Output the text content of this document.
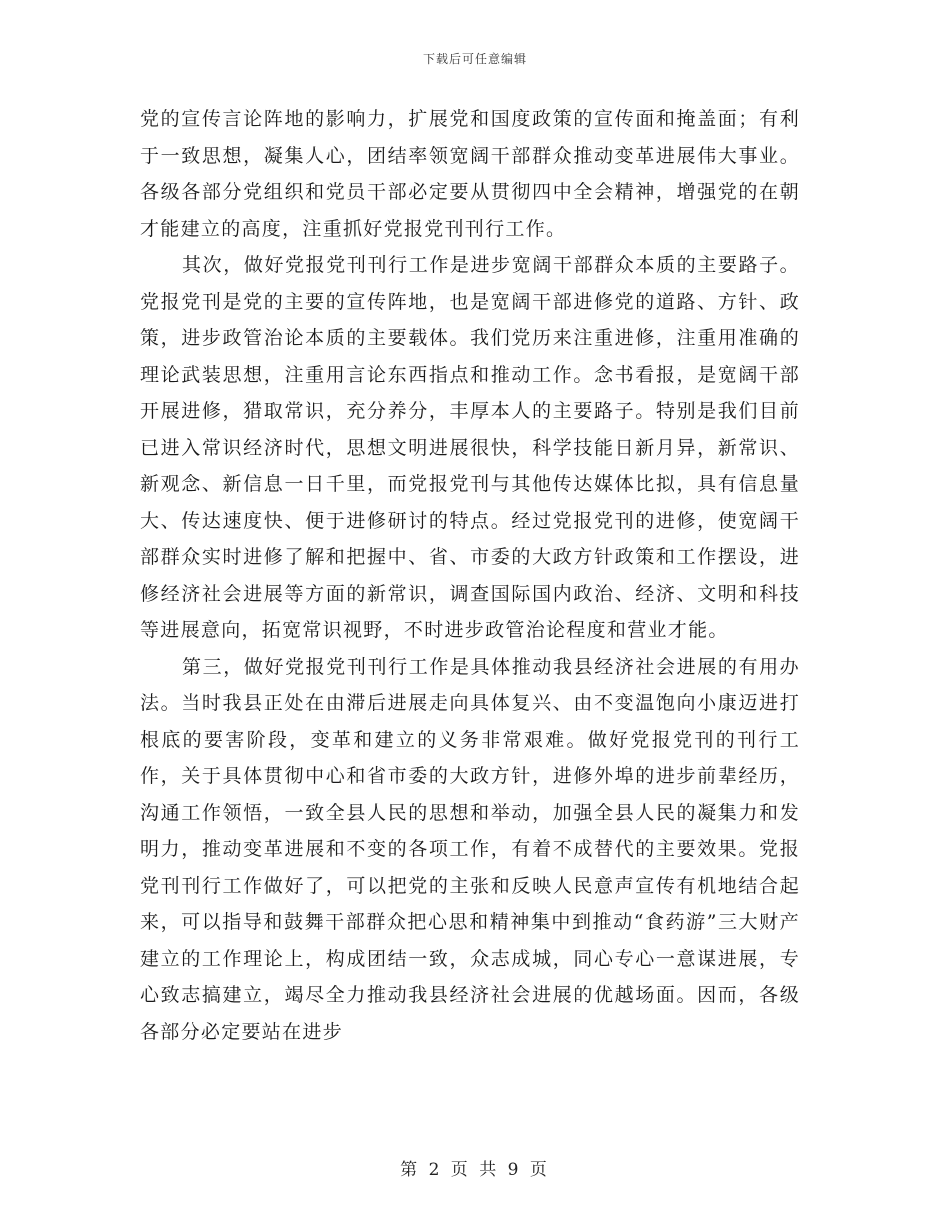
下载后可任意编辑

党的宣传言论阵地的影响力，扩展党和国度政策的宣传面和掩盖面；有利于一致思想，凝集人心，团结率领宽阔干部群众推动变革进展伟大事业。各级各部分党组织和党员干部必定要从贯彻四中全会精神，增强党的在朝才能建立的高度，注重抓好党报党刊刊行工作。

其次，做好党报党刊刊行工作是进步宽阔干部群众本质的主要路子。党报党刊是党的主要的宣传阵地，也是宽阔干部进修党的道路、方针、政策，进步政管治论本质的主要载体。我们党历来注重进修，注重用准确的理论武装思想，注重用言论东西指点和推动工作。念书看报，是宽阔干部开展进修，猎取常识，充分养分，丰厚本人的主要路子。特别是我们目前已进入常识经济时代，思想文明进展很快，科学技能日新月异，新常识、新观念、新信息一日千里，而党报党刊与其他传达媒体比拟，具有信息量大、传达速度快、便于进修研讨的特点。经过党报党刊的进修，使宽阔干部群众实时进修了解和把握中、省、市委的大政方针政策和工作摆设，进修经济社会进展等方面的新常识，调查国际国内政治、经济、文明和科技等进展意向，拓宽常识视野，不时进步政管治论程度和营业才能。

第三，做好党报党刊刊行工作是具体推动我县经济社会进展的有用办法。当时我县正处在由滞后进展走向具体复兴、由不变温饱向小康迈进打根底的要害阶段，变革和建立的义务非常艰难。做好党报党刊的刊行工作，关于具体贯彻中心和省市委的大政方针，进修外埠的进步前辈经历，沟通工作领悟，一致全县人民的思想和举动，加强全县人民的凝集力和发明力，推动变革进展和不变的各项工作，有着不成替代的主要效果。党报党刊刊行工作做好了，可以把党的主张和反映人民意声宣传有机地结合起来，可以指导和鼓舞干部群众把心思和精神集中到推动“食药游”三大财产建立的工作理论上，构成团结一致，众志成城，同心专心一意谋进展，专心致志搞建立，竭尽全力推动我县经济社会进展的优越场面。因而，各级各部分必定要站在进步

第 2 页 共 9 页
